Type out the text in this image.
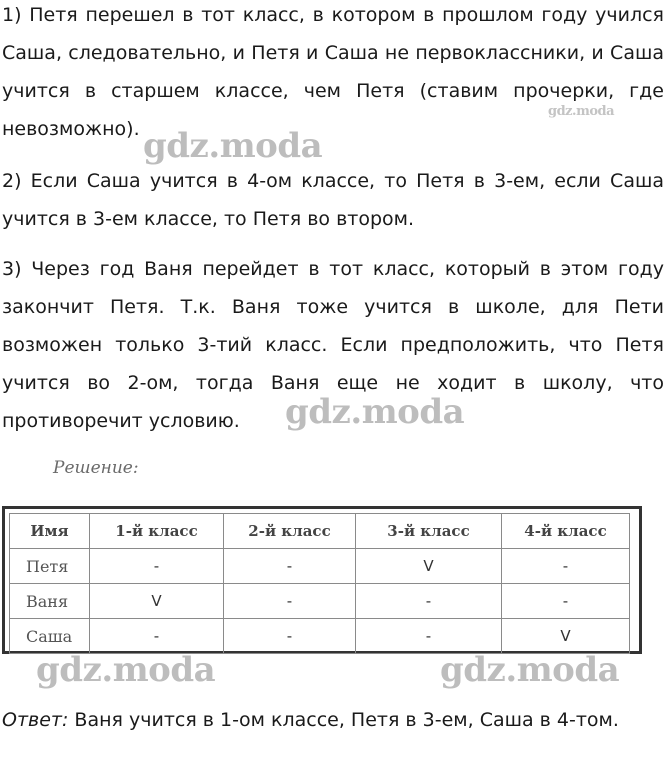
1) Петя перешел в тот класс, в котором в прошлом году учился Саша, следовательно, и Петя и Саша не первоклассники, и Саша учится в старшем классе, чем Петя (ставим прочерки, где невозможно).

2) Если Саша учится в 4-ом классе, то Петя в 3-ем, если Саша учится в 3-ем классе, то Петя во втором.

3) Через год Ваня перейдет в тот класс, который в этом году закончит Петя. Т.к. Ваня тоже учится в школе, для Пети возможен только 3-тий класс. Если предположить, что Петя учится во 2-ом, тогда Ваня еще не ходит в школу, что противоречит условию.

gdz.moda
gdz.moda
gdz.moda
gdz.moda	gdz.moda
Решение:
Имя	1-й класс	2-й класс	3-й класс	4-й класс
Петя	-	-	V	-
Ваня	V	-	-	-
Саша	-	-	-	V

Ответ: Ваня учится в 1-ом классе, Петя в 3-ем, Саша в 4-том.
